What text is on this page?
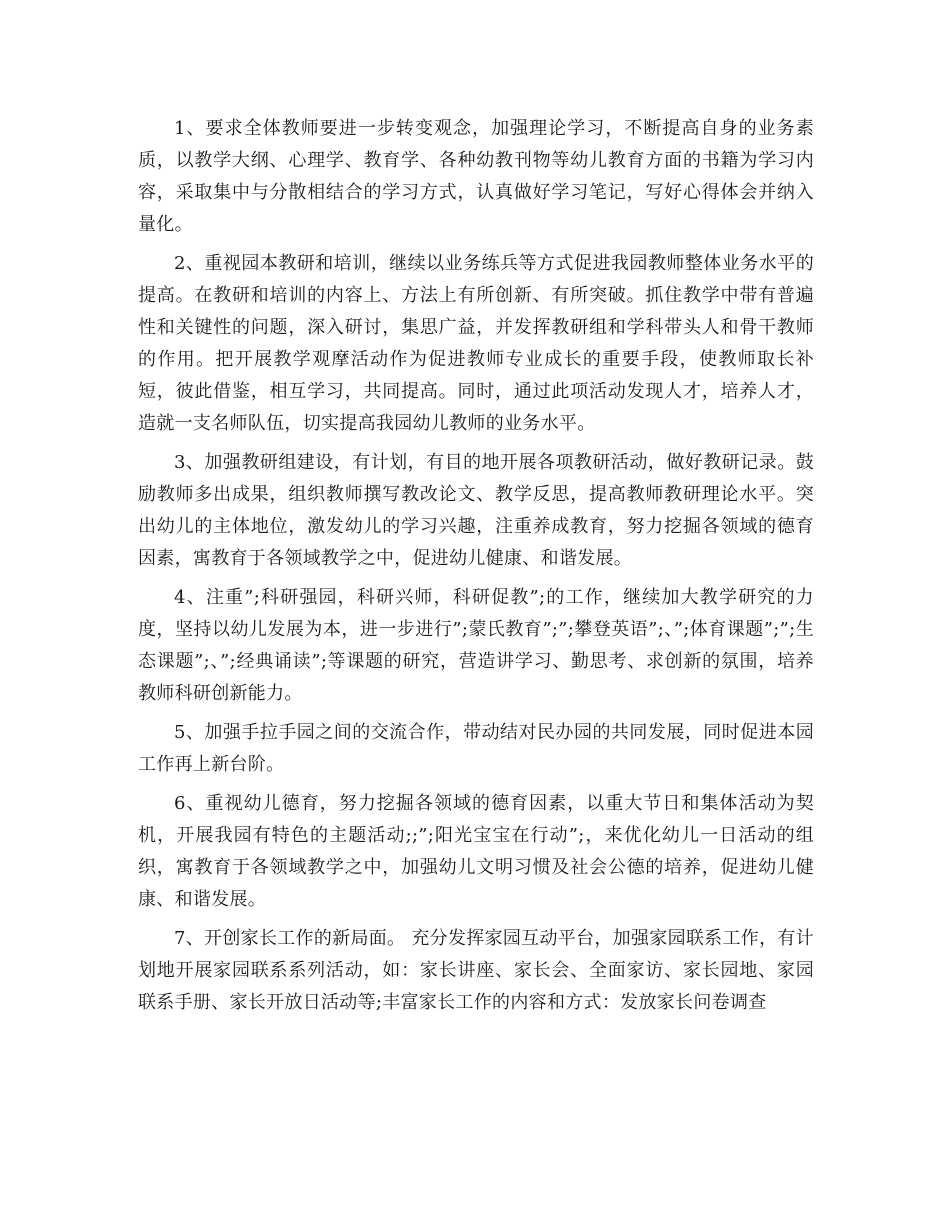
1、要求全体教师要进一步转变观念，加强理论学习，不断提高自身的业务素质，以教学大纲、心理学、教育学、各种幼教刊物等幼儿教育方面的书籍为学习内容，采取集中与分散相结合的学习方式，认真做好学习笔记，写好心得体会并纳入量化。

2、重视园本教研和培训，继续以业务练兵等方式促进我园教师整体业务水平的提高。在教研和培训的内容上、方法上有所创新、有所突破。抓住教学中带有普遍性和关键性的问题，深入研讨，集思广益，并发挥教研组和学科带头人和骨干教师的作用。把开展教学观摩活动作为促进教师专业成长的重要手段，使教师取长补短，彼此借鉴，相互学习，共同提高。同时，通过此项活动发现人才，培养人才，造就一支名师队伍，切实提高我园幼儿教师的业务水平。

3、加强教研组建设，有计划，有目的地开展各项教研活动，做好教研记录。鼓励教师多出成果，组织教师撰写教改论文、教学反思，提高教师教研理论水平。突出幼儿的主体地位，激发幼儿的学习兴趣，注重养成教育，努力挖掘各领域的德育因素，寓教育于各领域教学之中，促进幼儿健康、和谐发展。

4、注重”;科研强园，科研兴师，科研促教”;的工作，继续加大教学研究的力度，坚持以幼儿发展为本，进一步进行”;蒙氏教育”;”;攀登英语”;、”;体育课题”;”;生态课题”;、”;经典诵读”;等课题的研究，营造讲学习、勤思考、求创新的氛围，培养教师科研创新能力。

5、加强手拉手园之间的交流合作，带动结对民办园的共同发展，同时促进本园工作再上新台阶。

6、重视幼儿德育，努力挖掘各领域的德育因素，以重大节日和集体活动为契机，开展我园有特色的主题活动;;”;阳光宝宝在行动”;，来优化幼儿一日活动的组织，寓教育于各领域教学之中，加强幼儿文明习惯及社会公德的培养，促进幼儿健康、和谐发展。

7、开创家长工作的新局面。 充分发挥家园互动平台，加强家园联系工作，有计划地开展家园联系系列活动，如：家长讲座、家长会、全面家访、家长园地、家园联系手册、家长开放日活动等;丰富家长工作的内容和方式：发放家长问卷调查
